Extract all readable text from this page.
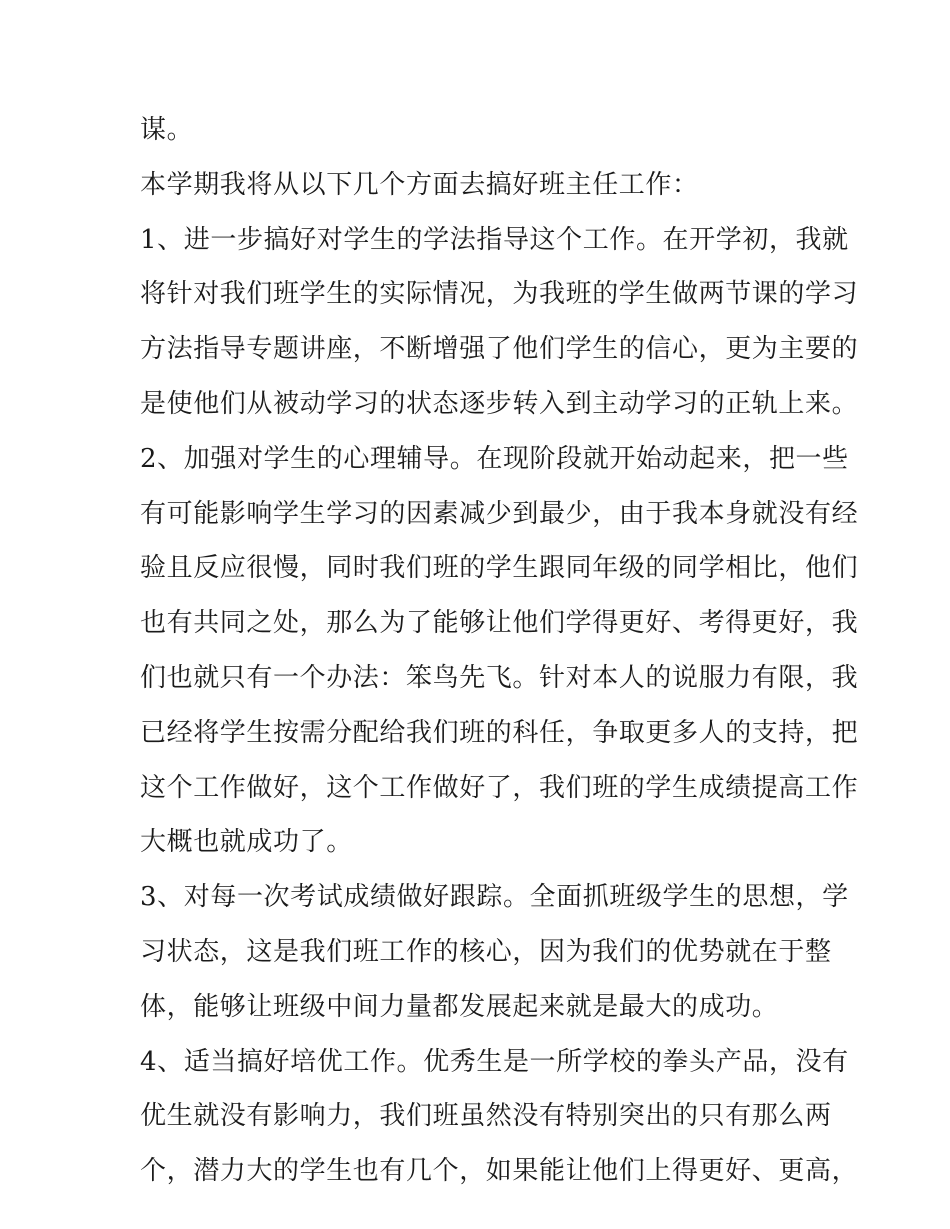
谋。
本学期我将从以下几个方面去搞好班主任工作：
1、进一步搞好对学生的学法指导这个工作。在开学初，我就
将针对我们班学生的实际情况，为我班的学生做两节课的学习
方法指导专题讲座，不断增强了他们学生的信心，更为主要的
是使他们从被动学习的状态逐步转入到主动学习的正轨上来。
2、加强对学生的心理辅导。在现阶段就开始动起来，把一些
有可能影响学生学习的因素减少到最少，由于我本身就没有经
验且反应很慢，同时我们班的学生跟同年级的同学相比，他们
也有共同之处，那么为了能够让他们学得更好、考得更好，我
们也就只有一个办法：笨鸟先飞。针对本人的说服力有限，我
已经将学生按需分配给我们班的科任，争取更多人的支持，把
这个工作做好，这个工作做好了，我们班的学生成绩提高工作
大概也就成功了。
3、对每一次考试成绩做好跟踪。全面抓班级学生的思想，学
习状态，这是我们班工作的核心，因为我们的优势就在于整
体，能够让班级中间力量都发展起来就是最大的成功。
4、适当搞好培优工作。优秀生是一所学校的拳头产品，没有
优生就没有影响力，我们班虽然没有特别突出的只有那么两
个，潜力大的学生也有几个，如果能让他们上得更好、更高，
